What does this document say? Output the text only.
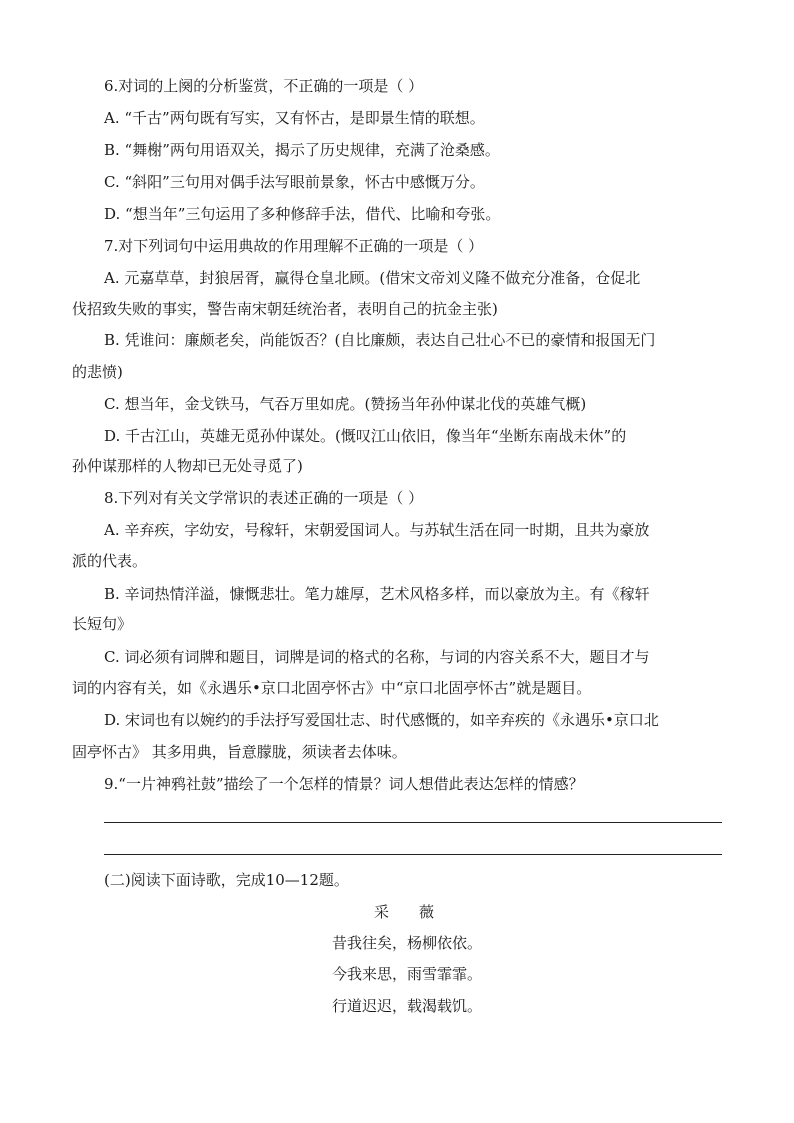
6.对词的上阕的分析鉴赏，不正确的一项是（ ）
A. “千古”两句既有写实，又有怀古，是即景生情的联想。
B. “舞榭”两句用语双关，揭示了历史规律，充满了沧桑感。
C. “斜阳”三句用对偶手法写眼前景象，怀古中感慨万分。
D. “想当年”三句运用了多种修辞手法，借代、比喻和夸张。
7.对下列词句中运用典故的作用理解不正确的一项是（ ）
A. 元嘉草草，封狼居胥，赢得仓皇北顾。(借宋文帝刘义隆不做充分准备，仓促北
伐招致失败的事实，警告南宋朝廷统治者，表明自己的抗金主张)
B. 凭谁问：廉颇老矣，尚能饭否？(自比廉颇，表达自己壮心不已的豪情和报国无门
的悲愤)
C. 想当年，金戈铁马，气吞万里如虎。(赞扬当年孙仲谋北伐的英雄气概)
D. 千古江山，英雄无觅孙仲谋处。(慨叹江山依旧，像当年“坐断东南战未休”的
孙仲谋那样的人物却已无处寻觅了)
8.下列对有关文学常识的表述正确的一项是（ ）
A. 辛弃疾，字幼安，号稼轩，宋朝爱国词人。与苏轼生活在同一时期，且共为豪放
派的代表。
B. 辛词热情洋溢，慷慨悲壮。笔力雄厚，艺术风格多样，而以豪放为主。有《稼轩
长短句》
C. 词必须有词牌和题目，词牌是词的格式的名称，与词的内容关系不大，题目才与
词的内容有关，如《永遇乐•京口北固亭怀古》中“京口北固亭怀古”就是题目。
D. 宋词也有以婉约的手法抒写爱国壮志、时代感慨的，如辛弃疾的《永遇乐•京口北
固亭怀古》 其多用典，旨意朦胧，须读者去体味。
9.“一片神鸦社鼓”描绘了一个怎样的情景？词人想借此表达怎样的情感？
(二)阅读下面诗歌，完成10—12题。
采薇
昔我往矣，杨柳依依。
今我来思，雨雪霏霏。
行道迟迟，载渴载饥。
